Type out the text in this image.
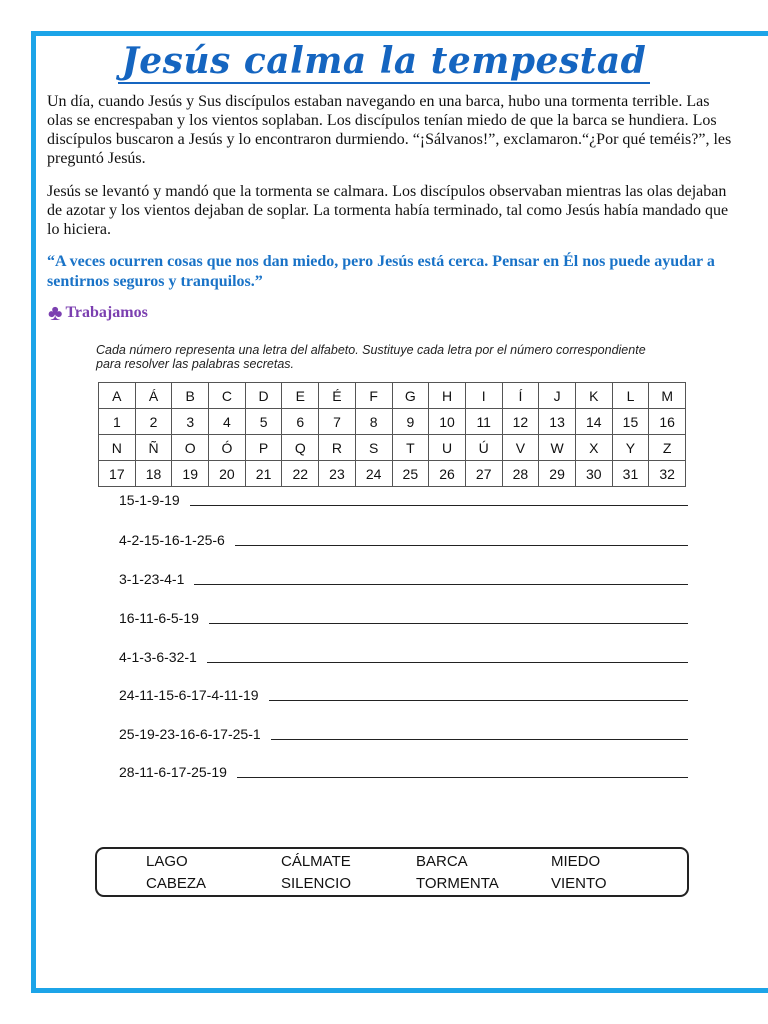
Jesús calma la tempestad
Un día, cuando Jesús y Sus discípulos estaban navegando en una barca, hubo una tormenta terrible. Las olas se encrespaban y los vientos soplaban. Los discípulos tenían miedo de que la barca se hundiera. Los discípulos buscaron a Jesús y lo encontraron durmiendo. “¡Sálvanos!”, exclamaron.“¿Por qué teméis?”, les preguntó Jesús.
Jesús se levantó y mandó que la tormenta se calmara. Los discípulos observaban mientras las olas dejaban de azotar y los vientos dejaban de soplar. La tormenta había terminado, tal como Jesús había mandado que lo hiciera.
“A veces ocurren cosas que nos dan miedo, pero Jesús está cerca. Pensar en Él nos puede ayudar a sentirnos seguros y tranquilos.”
♣ Trabajamos
Cada número representa una letra del alfabeto. Sustituye cada letra por el número correspondiente para resolver las palabras secretas.
A	Á	B	C	D	E	É	F	G	H	I	Í	J	K	L	M
1	2	3	4	5	6	7	8	9	10	11	12	13	14	15	16
N	Ñ	O	Ó	P	Q	R	S	T	U	Ú	V	W	X	Y	Z
17	18	19	20	21	22	23	24	25	26	27	28	29	30	31	32
15-1-9-19
4-2-15-16-1-25-6
3-1-23-4-1
16-11-6-5-19
4-1-3-6-32-1
24-11-15-6-17-4-11-19
25-19-23-16-6-17-25-1
28-11-6-17-25-19
LAGO	CÁLMATE	BARCA	MIEDO
CABEZA	SILENCIO	TORMENTA	VIENTO
